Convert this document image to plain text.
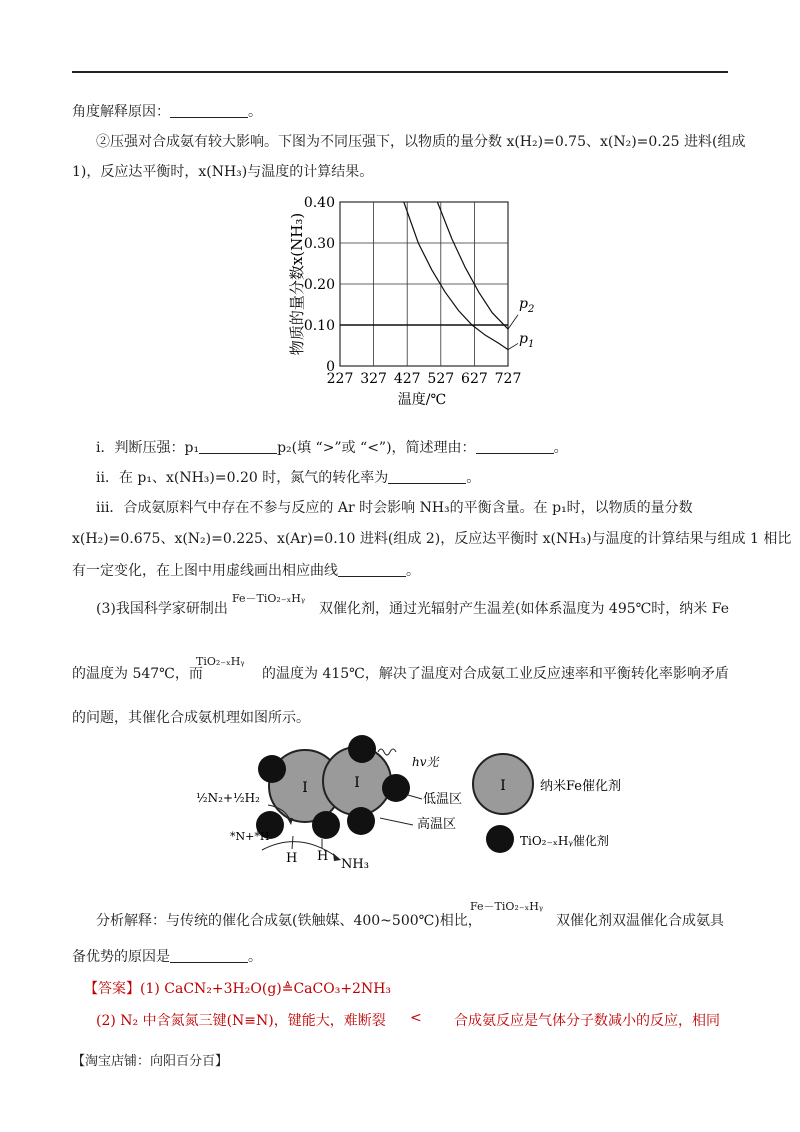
角度解释原因：	。
②压强对合成氨有较大影响。下图为不同压强下，以物质的量分数 x(H₂)=0.75、x(N₂)=0.25 进料(组成
1)，反应达平衡时，x(NH₃)与温度的计算结果。
227 327 427 527 627 727
0.40
0.30
0.20
0.10
0
物质的量分数x(NH₃)
温度/℃
$p_2$
$p_1$
i．判断压强：p₁	p₂(填 “>”或 “<”)，简述理由：	。
ii．在 p₁、x(NH₃)=0.20 时，氮气的转化率为	。
iii．合成氨原料气中存在不参与反应的 Ar 时会影响 NH₃的平衡含量。在 p₁时，以物质的量分数
x(H₂)=0.675、x(N₂)=0.225、x(Ar)=0.10 进料(组成 2)，反应达平衡时 x(NH₃)与温度的计算结果与组成 1 相比
有一定变化，在上图中用虚线画出相应曲线	。
(3)我国科学家研制出
Fe－TiO₂₋ₓHᵧ
双催化剂，通过光辐射产生温差(如体系温度为 495℃时，纳米 Fe
的温度为 547℃，而
TiO₂₋ₓHᵧ
的温度为 415℃，解决了温度对合成氨工业反应速率和平衡转化率影响矛盾
的问题，其催化合成氨机理如图所示。
I	I
hv光
低温区
高温区
½N₂+½H₂
*N+*H
H H
NH₃
I	纳米Fe催化剂
TiO₂₋ₓHᵧ催化剂
分析解释：与传统的催化合成氨(铁触媒、400~500℃)相比，
Fe－TiO₂₋ₓHᵧ
双催化剂双温催化合成氨具
备优势的原因是	。
【答案】(1) CaCN₂+3H₂O(g)≜CaCO₃+2NH₃
(2) N₂ 中含氮氮三键(N≡N)，键能大，难断裂 < 合成氨反应是气体分子数减小的反应，相同
【淘宝店铺：向阳百分百】
